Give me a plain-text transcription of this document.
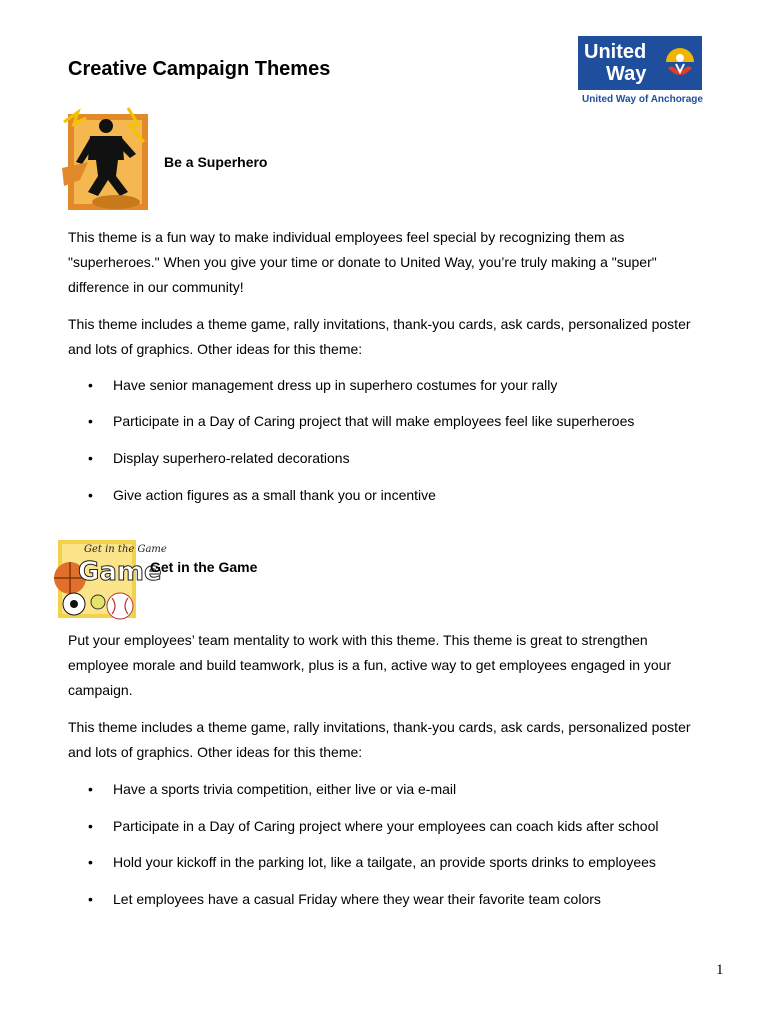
Creative Campaign Themes
United
Way
United Way of Anchorage
Be a Superhero
This theme is a fun way to make individual employees feel special by recognizing them as "superheroes." When you give your time or donate to United Way, you’re truly making a "super" difference in our community!
This theme includes a theme game, rally invitations, thank-you cards, ask cards, personalized poster and lots of graphics. Other ideas for this theme:
• Have senior management dress up in superhero costumes for your rally
• Participate in a Day of Caring project that will make employees feel like superheroes
• Display superhero-related decorations
• Give action figures as a small thank you or incentive
Get in the Game
Game
Get in the Game
Put your employees’ team mentality to work with this theme. This theme is great to strengthen employee morale and build teamwork, plus is a fun, active way to get employees engaged in your campaign.
This theme includes a theme game, rally invitations, thank-you cards, ask cards, personalized poster and lots of graphics. Other ideas for this theme:
• Have a sports trivia competition, either live or via e-mail
• Participate in a Day of Caring project where your employees can coach kids after school
• Hold your kickoff in the parking lot, like a tailgate, an provide sports drinks to employees
• Let employees have a casual Friday where they wear their favorite team colors
1
